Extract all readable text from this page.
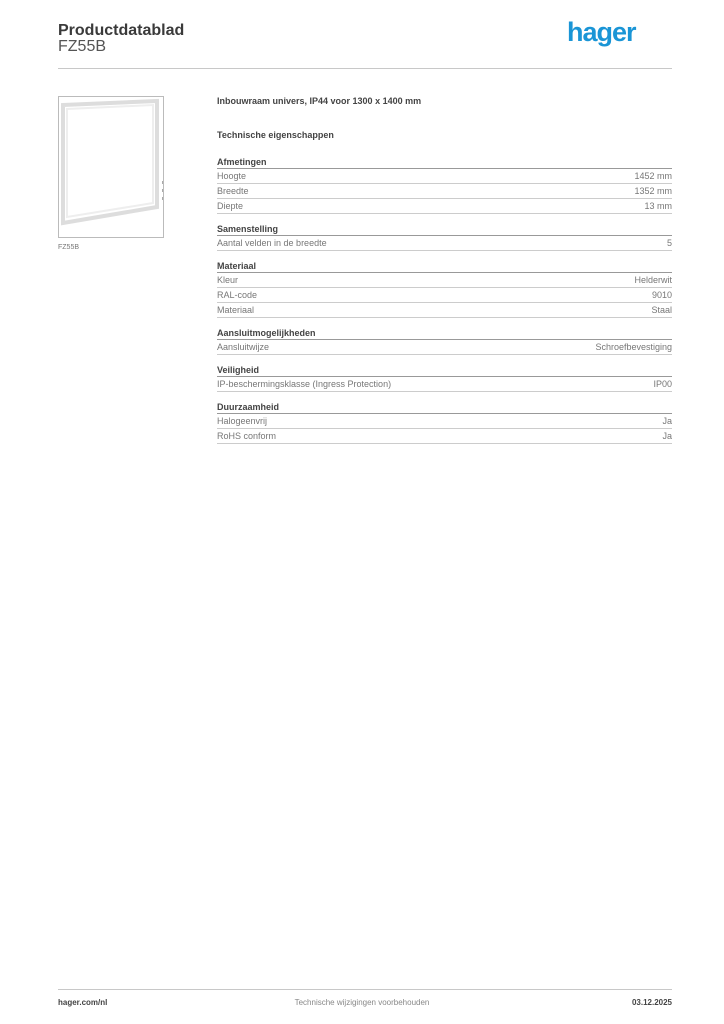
Productdatablad
FZ55B	hager
FZ55B
Inbouwraam univers, IP44 voor 1300 x 1400 mm
Technische eigenschappen
Afmetingen
Hoogte	1452 mm
Breedte	1352 mm
Diepte	13 mm
Samenstelling
Aantal velden in de breedte	5
Materiaal
Kleur	Helderwit
RAL-code	9010
Materiaal	Staal
Aansluitmogelijkheden
Aansluitwijze	Schroefbevestiging
Veiligheid
IP-beschermingsklasse (Ingress Protection)	IP00
Duurzaamheid
Halogeenvrij	Ja
RoHS conform	Ja
hager.com/nl	Technische wijzigingen voorbehouden	03.12.2025
